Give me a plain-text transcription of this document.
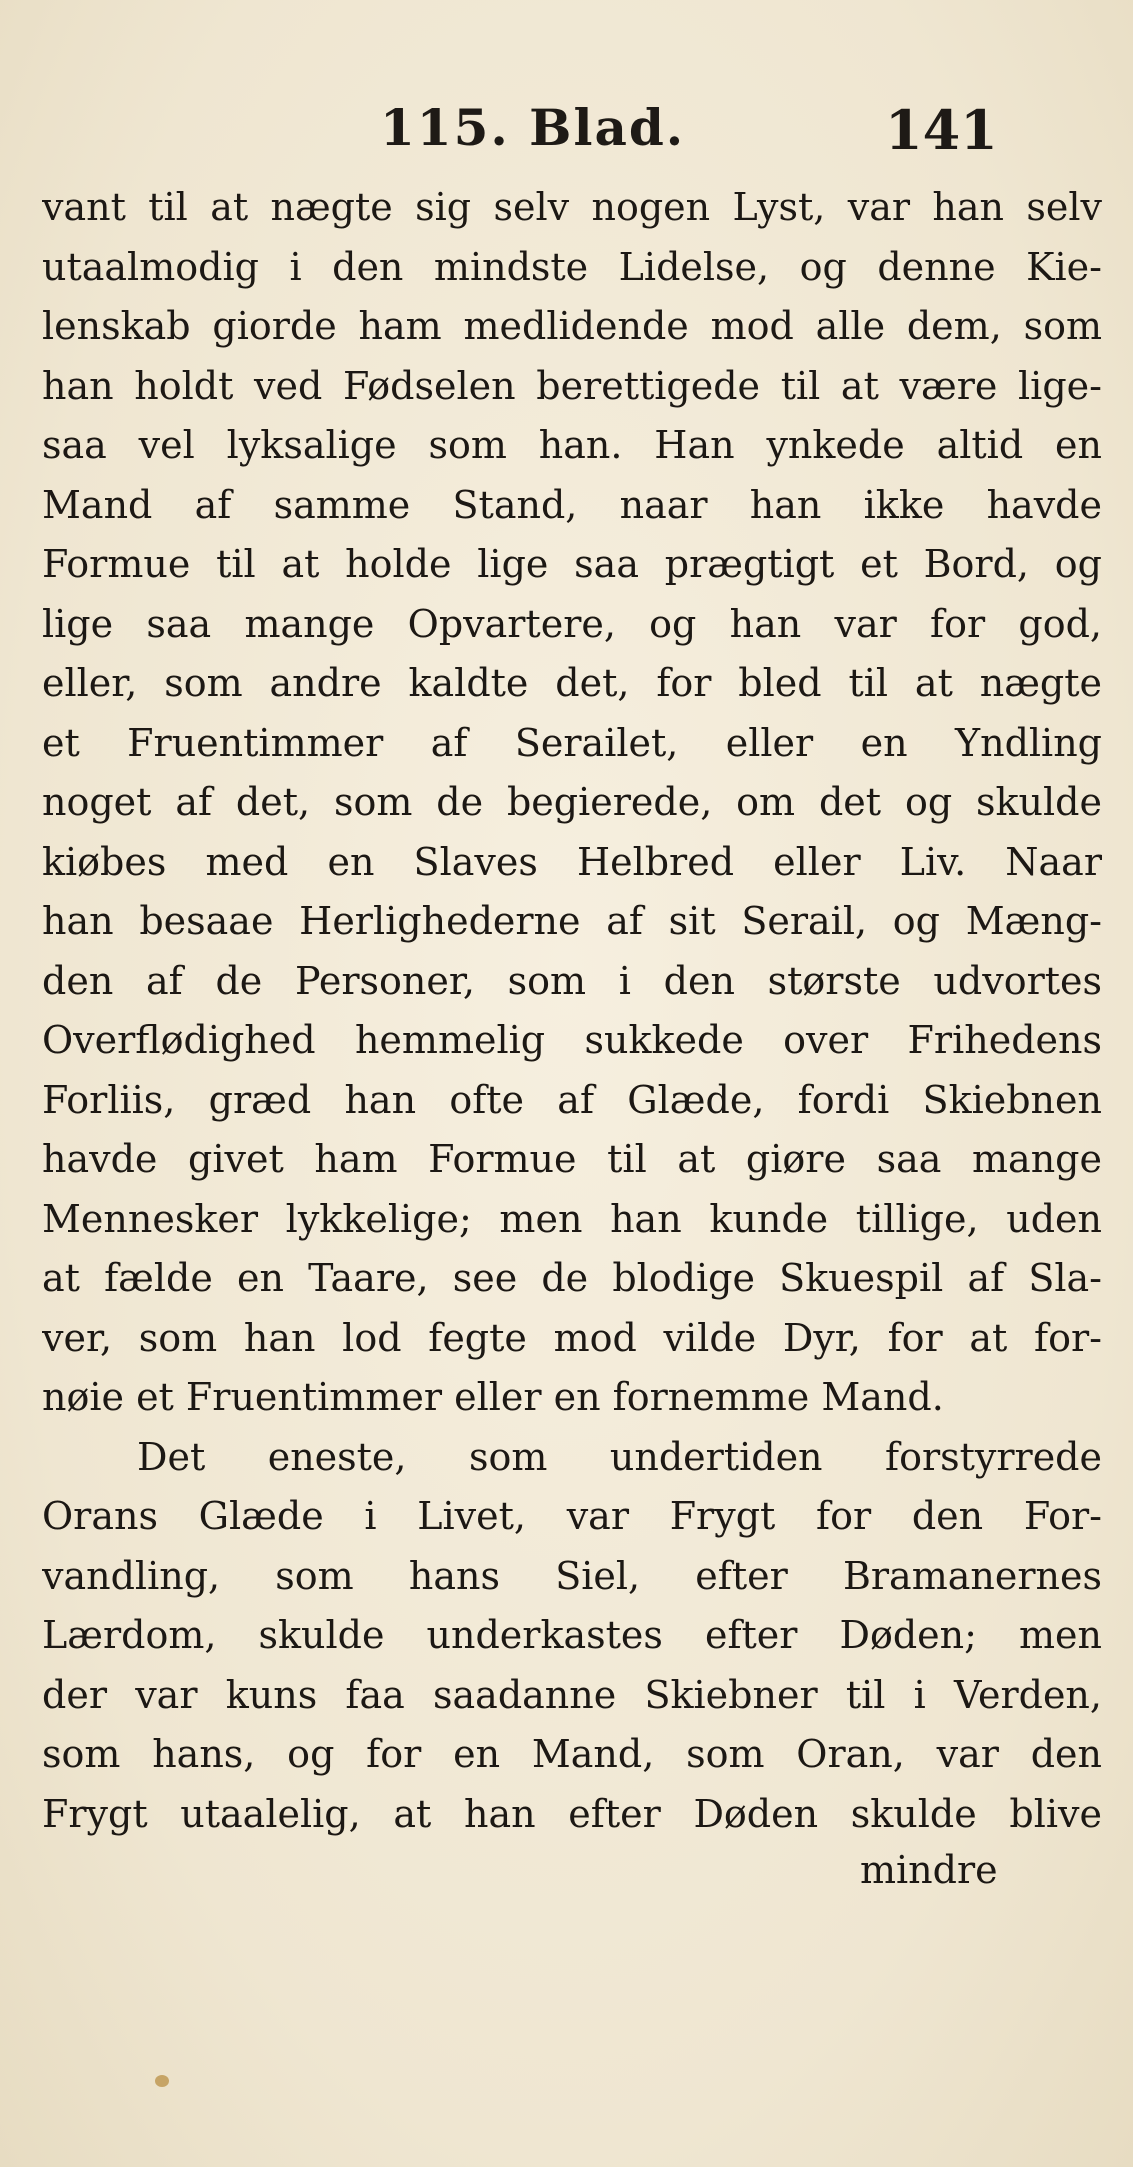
115. Blad.	141
vant til at nægte sig selv nogen Lyst, var han selv
utaalmodig i den mindste Lidelse, og denne Kie-
lenskab giorde ham medlidende mod alle dem, som
han holdt ved Fødselen berettigede til at være lige-
saa vel lyksalige som han. Han ynkede altid en
Mand af samme Stand, naar han ikke havde
Formue til at holde lige saa prægtigt et Bord, og
lige saa mange Opvartere, og han var for god,
eller, som andre kaldte det, for bled til at nægte
et Fruentimmer af Serailet, eller en Yndling
noget af det, som de begierede, om det og skulde
kiøbes med en Slaves Helbred eller Liv. Naar
han besaae Herlighederne af sit Serail, og Mæng-
den af de Personer, som i den største udvortes
Overflødighed hemmelig sukkede over Frihedens
Forliis, græd han ofte af Glæde, fordi Skiebnen
havde givet ham Formue til at giøre saa mange
Mennesker lykkelige; men han kunde tillige, uden
at fælde en Taare, see de blodige Skuespil af Sla-
ver, som han lod fegte mod vilde Dyr, for at for-
nøie et Fruentimmer eller en fornemme Mand.
Det eneste, som undertiden forstyrrede
Orans Glæde i Livet, var Frygt for den For-
vandling, som hans Siel, efter Bramanernes
Lærdom, skulde underkastes efter Døden; men
der var kuns faa saadanne Skiebner til i Verden,
som hans, og for en Mand, som Oran, var den
Frygt utaalelig, at han efter Døden skulde blive
mindre
